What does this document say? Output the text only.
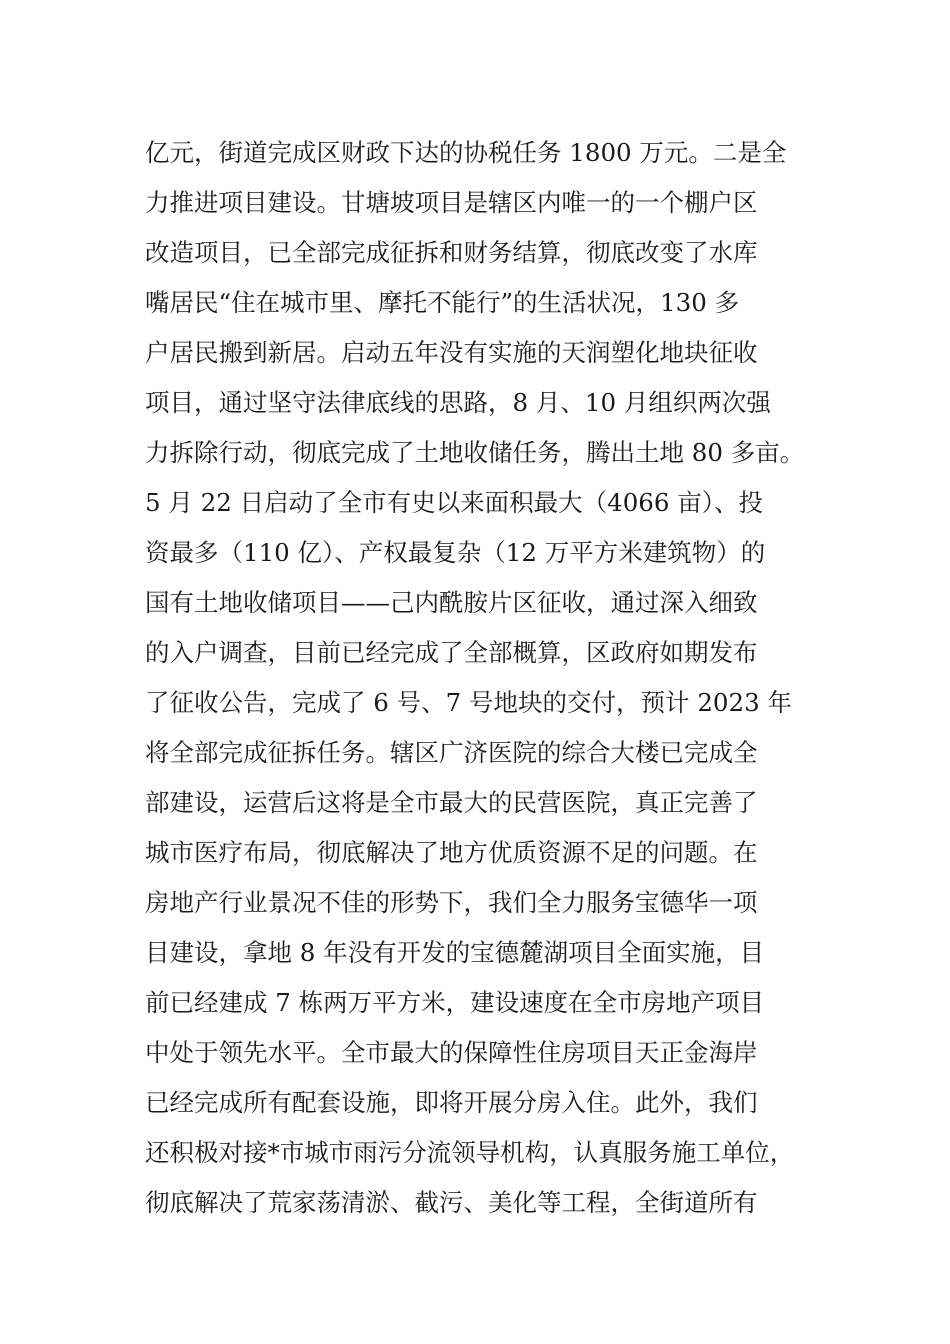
亿元，街道完成区财政下达的协税任务 1800 万元。二是全
力推进项目建设。甘塘坡项目是辖区内唯一的一个棚户区
改造项目，已全部完成征拆和财务结算，彻底改变了水库
嘴居民“住在城市里、摩托不能行”的生活状况，130 多
户居民搬到新居。启动五年没有实施的天润塑化地块征收
项目，通过坚守法律底线的思路，8 月、10 月组织两次强
力拆除行动，彻底完成了土地收储任务，腾出土地 80 多亩。
5 月 22 日启动了全市有史以来面积最大（4066 亩）、投
资最多（110 亿）、产权最复杂（12 万平方米建筑物）的
国有土地收储项目——己内酰胺片区征收，通过深入细致
的入户调查，目前已经完成了全部概算，区政府如期发布
了征收公告，完成了 6 号、7 号地块的交付，预计 2023 年
将全部完成征拆任务。辖区广济医院的综合大楼已完成全
部建设，运营后这将是全市最大的民营医院，真正完善了
城市医疗布局，彻底解决了地方优质资源不足的问题。在
房地产行业景况不佳的形势下，我们全力服务宝德华一项
目建设，拿地 8 年没有开发的宝德麓湖项目全面实施，目
前已经建成 7 栋两万平方米，建设速度在全市房地产项目
中处于领先水平。全市最大的保障性住房项目天正金海岸
已经完成所有配套设施，即将开展分房入住。此外，我们
还积极对接*市城市雨污分流领导机构，认真服务施工单位，
彻底解决了荒家荡清淤、截污、美化等工程，全街道所有
